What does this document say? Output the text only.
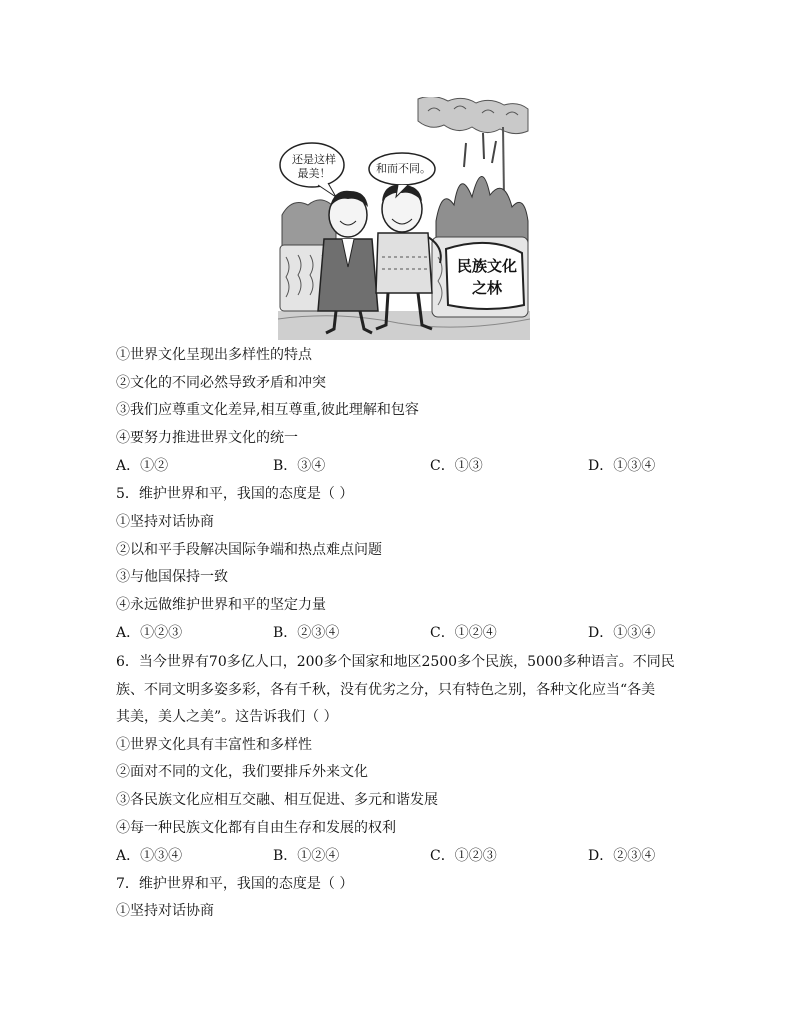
还是这样最美！	和而不同。
民族文化之林
①世界文化呈现出多样性的特点
②文化的不同必然导致矛盾和冲突
③我们应尊重文化差异,相互尊重,彼此理解和包容
④要努力推进世界文化的统一
A．①②	B．③④	C．①③	D．①③④
5．维护世界和平，我国的态度是（ ）
①坚持对话协商
②以和平手段解决国际争端和热点难点问题
③与他国保持一致
④永远做维护世界和平的坚定力量
A．①②③	B．②③④	C．①②④	D．①③④
6．当今世界有70多亿人口，200多个国家和地区2500多个民族，5000多种语言。不同民
族、不同文明多姿多彩，各有千秋，没有优劣之分，只有特色之别，各种文化应当“各美
其美，美人之美”。这告诉我们（ ）
①世界文化具有丰富性和多样性
②面对不同的文化，我们要排斥外来文化
③各民族文化应相互交融、相互促进、多元和谐发展
④每一种民族文化都有自由生存和发展的权利
A．①③④	B．①②④	C．①②③	D．②③④
7．维护世界和平，我国的态度是（ ）
①坚持对话协商
